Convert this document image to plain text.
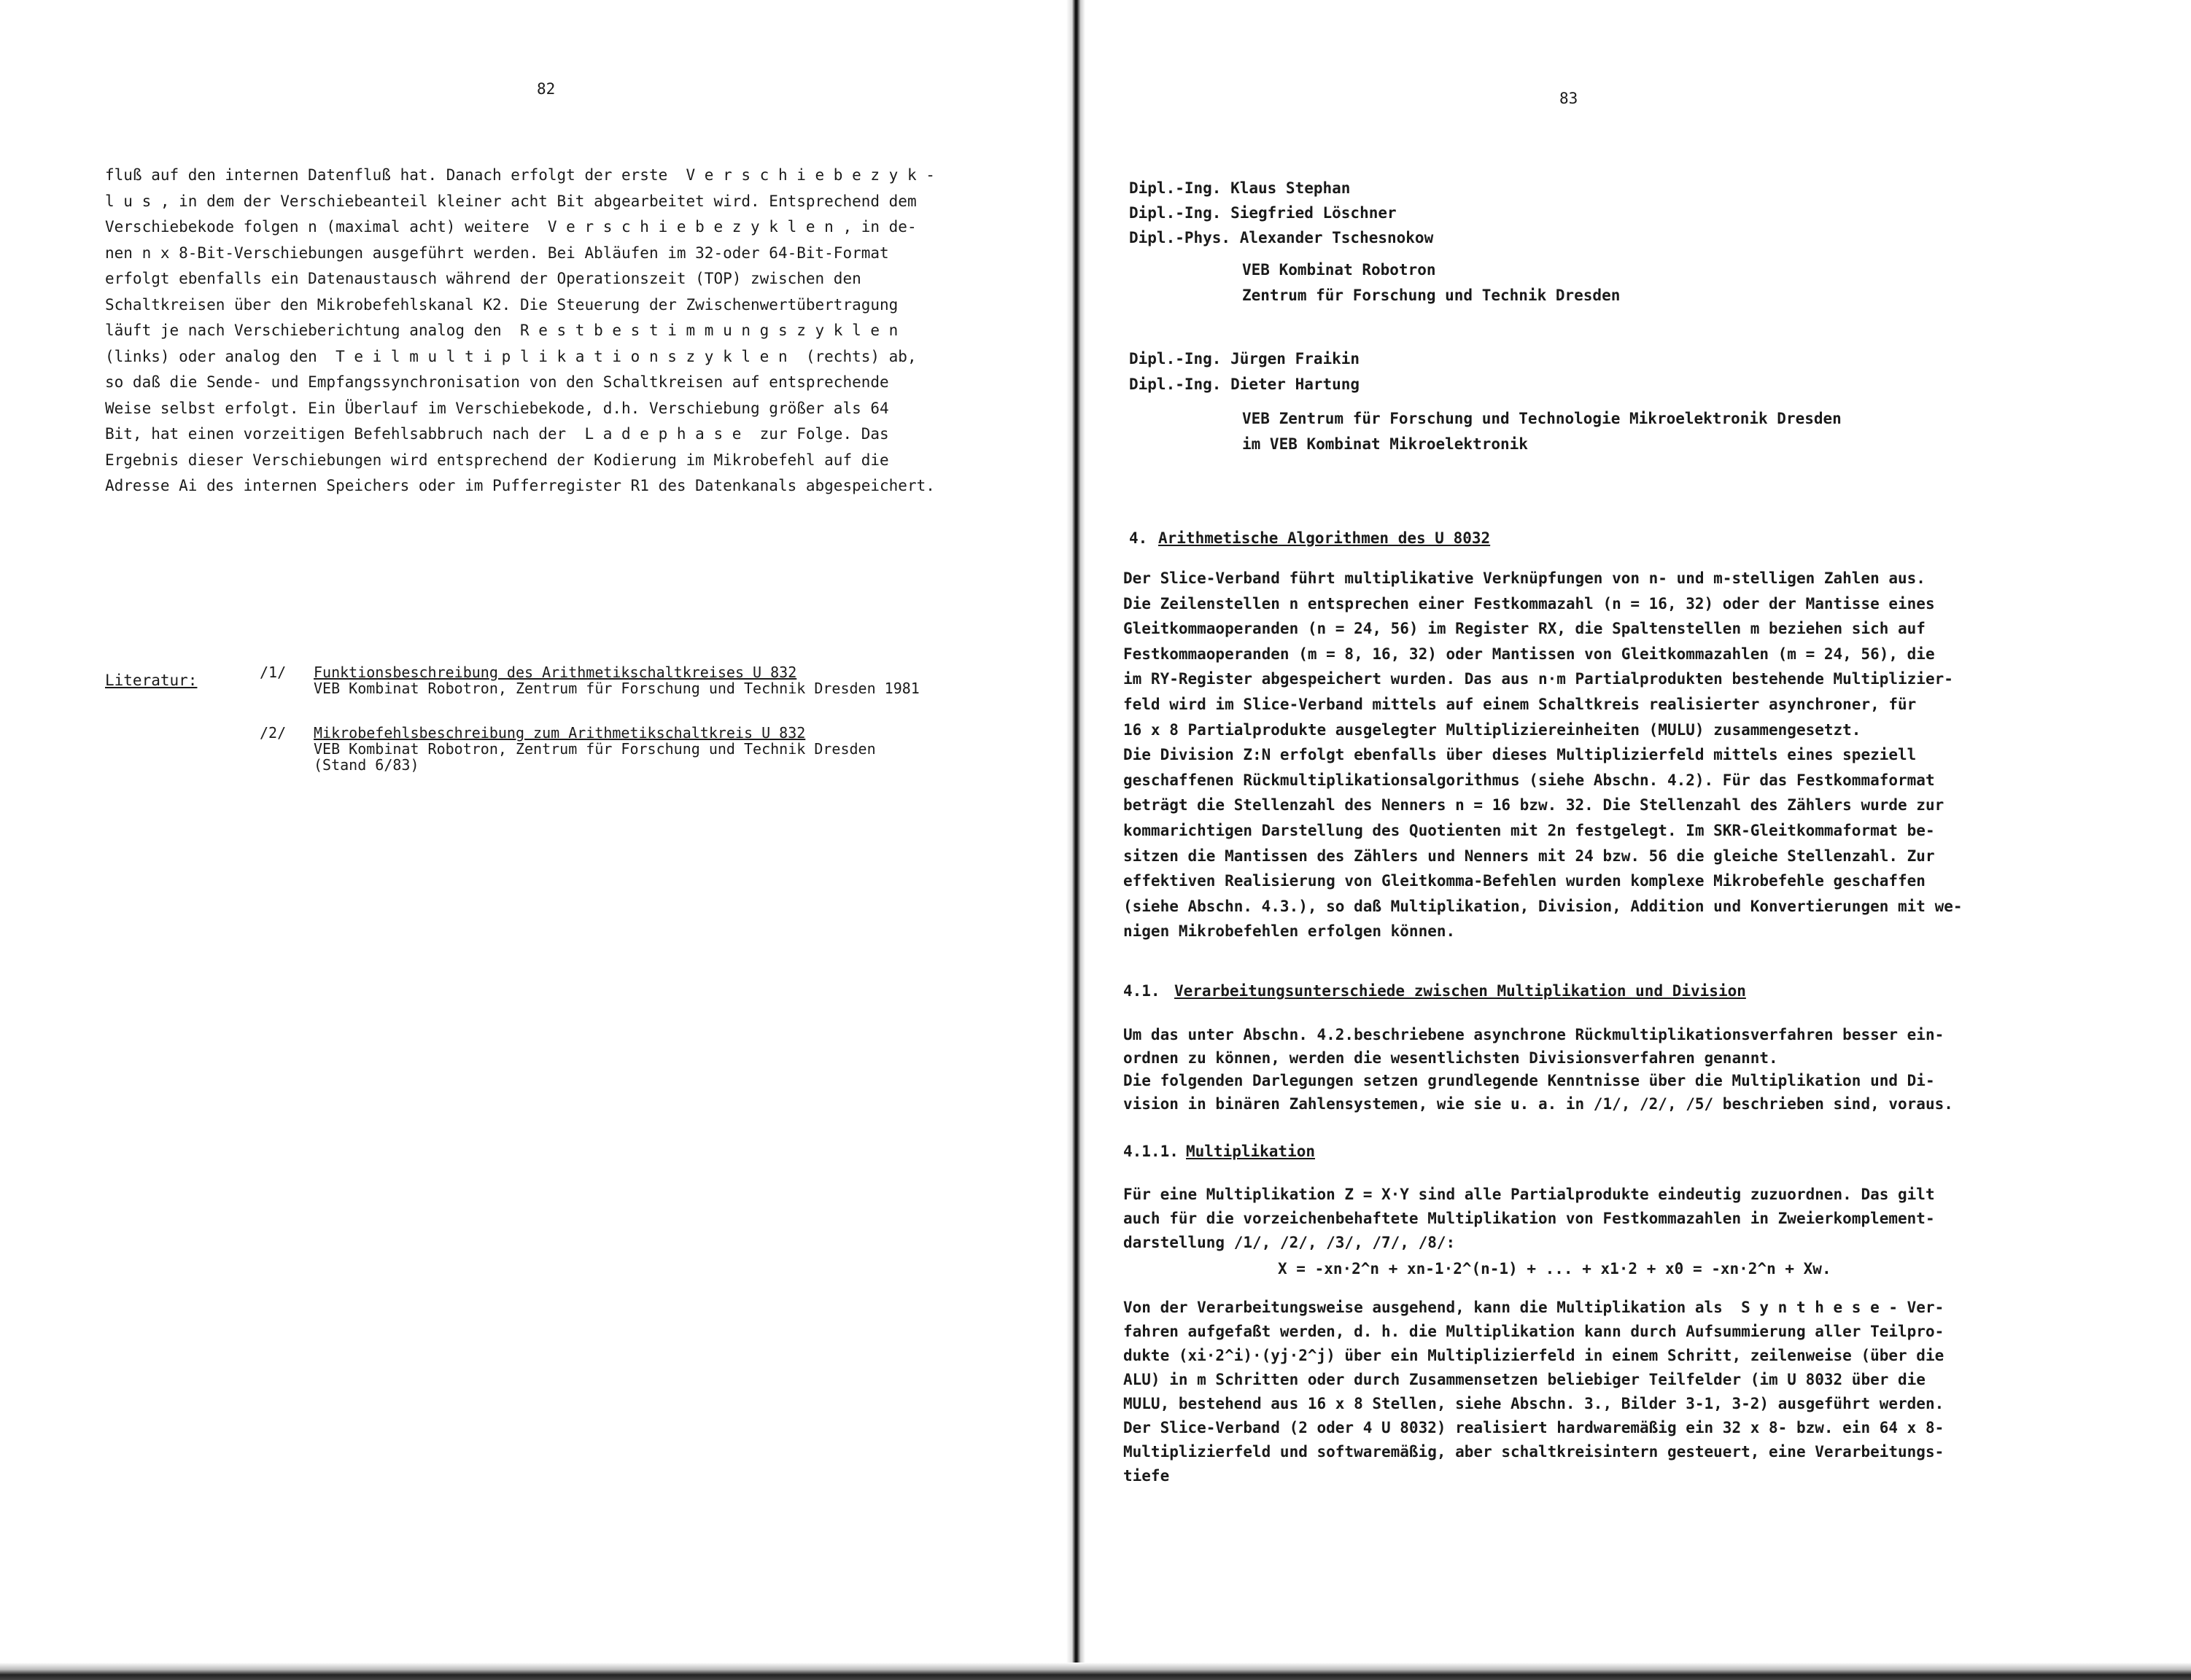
82
fluß auf den internen Datenfluß hat. Danach erfolgt der erste  V e r s c h i e b e z y k -
l u s , in dem der Verschiebeanteil kleiner acht Bit abgearbeitet wird. Entsprechend dem
Verschiebekode folgen n (maximal acht) weitere  V e r s c h i e b e z y k l e n , in de-
nen n x 8-Bit-Verschiebungen ausgeführt werden. Bei Abläufen im 32-oder 64-Bit-Format
erfolgt ebenfalls ein Datenaustausch während der Operationszeit (TOP) zwischen den
Schaltkreisen über den Mikrobefehlskanal K2. Die Steuerung der Zwischenwertübertragung
läuft je nach Verschieberichtung analog den  R e s t b e s t i m m u n g s z y k l e n
(links) oder analog den  T e i l m u l t i p l i k a t i o n s z y k l e n  (rechts) ab,
so daß die Sende- und Empfangssynchronisation von den Schaltkreisen auf entsprechende
Weise selbst erfolgt. Ein Überlauf im Verschiebekode, d.h. Verschiebung größer als 64
Bit, hat einen vorzeitigen Befehlsabbruch nach der  L a d e p h a s e  zur Folge. Das
Ergebnis dieser Verschiebungen wird entsprechend der Kodierung im Mikrobefehl auf die
Adresse Ai des internen Speichers oder im Pufferregister R1 des Datenkanals abgespeichert.
Literatur:	/1/ Funktionsbeschreibung des Arithmetikschaltkreises U 832
VEB Kombinat Robotron, Zentrum für Forschung und Technik Dresden 1981
/2/ Mikrobefehlsbeschreibung zum Arithmetikschaltkreis U 832
VEB Kombinat Robotron, Zentrum für Forschung und Technik Dresden
(Stand 6/83)
83
Dipl.-Ing. Klaus Stephan
Dipl.-Ing. Siegfried Löschner
Dipl.-Phys. Alexander Tschesnokow
VEB Kombinat Robotron
Zentrum für Forschung und Technik Dresden
Dipl.-Ing. Jürgen Fraikin
Dipl.-Ing. Dieter Hartung
VEB Zentrum für Forschung und Technologie Mikroelektronik Dresden
im VEB Kombinat Mikroelektronik
4. Arithmetische Algorithmen des U 8032
Der Slice-Verband führt multiplikative Verknüpfungen von n- und m-stelligen Zahlen aus.
Die Zeilenstellen n entsprechen einer Festkommazahl (n = 16, 32) oder der Mantisse eines
Gleitkommaoperanden (n = 24, 56) im Register RX, die Spaltenstellen m beziehen sich auf
Festkommaoperanden (m = 8, 16, 32) oder Mantissen von Gleitkommazahlen (m = 24, 56), die
im RY-Register abgespeichert wurden. Das aus n·m Partialprodukten bestehende Multiplizier-
feld wird im Slice-Verband mittels auf einem Schaltkreis realisierter asynchroner, für
16 x 8 Partialprodukte ausgelegter Multipliziereinheiten (MULU) zusammengesetzt.
Die Division Z:N erfolgt ebenfalls über dieses Multiplizierfeld mittels eines speziell
geschaffenen Rückmultiplikationsalgorithmus (siehe Abschn. 4.2). Für das Festkommaformat
beträgt die Stellenzahl des Nenners n = 16 bzw. 32. Die Stellenzahl des Zählers wurde zur
kommarichtigen Darstellung des Quotienten mit 2n festgelegt. Im SKR-Gleitkommaformat be-
sitzen die Mantissen des Zählers und Nenners mit 24 bzw. 56 die gleiche Stellenzahl. Zur
effektiven Realisierung von Gleitkomma-Befehlen wurden komplexe Mikrobefehle geschaffen
(siehe Abschn. 4.3.), so daß Multiplikation, Division, Addition und Konvertierungen mit we-
nigen Mikrobefehlen erfolgen können.
4.1. Verarbeitungsunterschiede zwischen Multiplikation und Division
Um das unter Abschn. 4.2.beschriebene asynchrone Rückmultiplikationsverfahren besser ein-
ordnen zu können, werden die wesentlichsten Divisionsverfahren genannt.
Die folgenden Darlegungen setzen grundlegende Kenntnisse über die Multiplikation und Di-
vision in binären Zahlensystemen, wie sie u. a. in /1/, /2/, /5/ beschrieben sind, voraus.
4.1.1. Multiplikation
Für eine Multiplikation Z = X·Y sind alle Partialprodukte eindeutig zuzuordnen. Das gilt
auch für die vorzeichenbehaftete Multiplikation von Festkommazahlen in Zweierkomplement-
darstellung /1/, /2/, /3/, /7/, /8/:
X = -xn·2^n + xn-1·2^(n-1) + ... + x1·2 + x0 = -xn·2^n + Xw.
Von der Verarbeitungsweise ausgehend, kann die Multiplikation als  S y n t h e s e - Ver-
fahren aufgefaßt werden, d. h. die Multiplikation kann durch Aufsummierung aller Teilpro-
dukte (xi·2^i)·(yj·2^j) über ein Multiplizierfeld in einem Schritt, zeilenweise (über die
ALU) in m Schritten oder durch Zusammensetzen beliebiger Teilfelder (im U 8032 über die
MULU, bestehend aus 16 x 8 Stellen, siehe Abschn. 3., Bilder 3-1, 3-2) ausgeführt werden.
Der Slice-Verband (2 oder 4 U 8032) realisiert hardwaremäßig ein 32 x 8- bzw. ein 64 x 8-
Multiplizierfeld und softwaremäßig, aber schaltkreisintern gesteuert, eine Verarbeitungs-
tiefe
